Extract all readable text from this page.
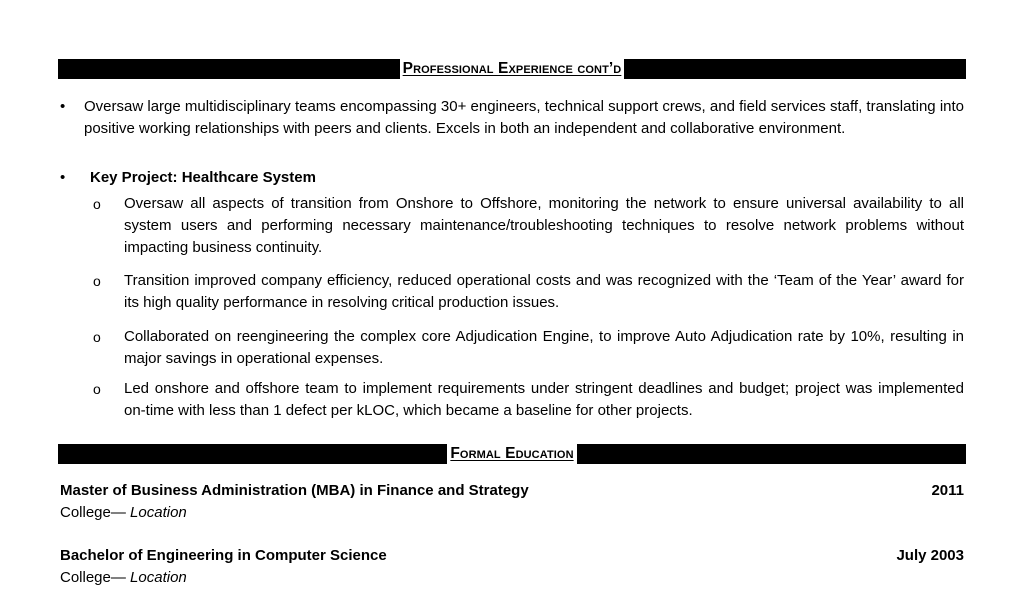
Professional Experience cont’d
• Oversaw large multidisciplinary teams encompassing 30+ engineers, technical support crews, and field services staff, translating into positive working relationships with peers and clients. Excels in both an independent and collaborative environment.
• Key Project: Healthcare System
o Oversaw all aspects of transition from Onshore to Offshore, monitoring the network to ensure universal availability to all system users and performing necessary maintenance/troubleshooting techniques to resolve network problems without impacting business continuity.
o Transition improved company efficiency, reduced operational costs and was recognized with the ‘Team of the Year’ award for its high quality performance in resolving critical production issues.
o Collaborated on reengineering the complex core Adjudication Engine, to improve Auto Adjudication rate by 10%, resulting in major savings in operational expenses.
o Led onshore and offshore team to implement requirements under stringent deadlines and budget; project was implemented on-time with less than 1 defect per kLOC, which became a baseline for other projects.
Formal Education
Master of Business Administration (MBA) in Finance and Strategy	2011
College— Location
Bachelor of Engineering in Computer Science	July 2003
College— Location
